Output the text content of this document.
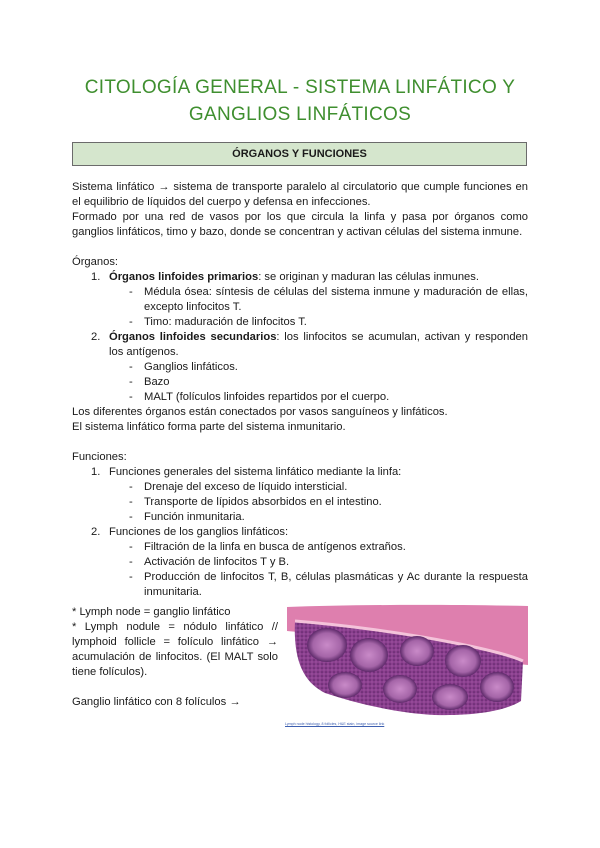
CITOLOGÍA GENERAL - SISTEMA LINFÁTICO Y
GANGLIOS LINFÁTICOS
ÓRGANOS Y FUNCIONES

Sistema linfático → sistema de transporte paralelo al circulatorio que cumple funciones en el equilibrio de líquidos del cuerpo y defensa en infecciones.

Formado por una red de vasos por los que circula la linfa y pasa por órganos como ganglios linfáticos, timo y bazo, donde se concentran y activan células del sistema inmune.

Órganos:

1. Órganos linfoides primarios: se originan y maduran las células inmunes.
- Médula ósea: síntesis de células del sistema inmune y maduración de ellas, excepto linfocitos T.
- Timo: maduración de linfocitos T.
2. Órganos linfoides secundarios: los linfocitos se acumulan, activan y responden los antígenos.
- Ganglios linfáticos.
- Bazo
- MALT (folículos linfoides repartidos por el cuerpo.

Los diferentes órganos están conectados por vasos sanguíneos y linfáticos.

El sistema linfático forma parte del sistema inmunitario.

Funciones:

1. Funciones generales del sistema linfático mediante la linfa:
- Drenaje del exceso de líquido intersticial.
- Transporte de lípidos absorbidos en el intestino.
- Función inmunitaria.
2. Funciones de los ganglios linfáticos:
- Filtración de la linfa en busca de antígenos extraños.
- Activación de linfocitos T y B.
- Producción de linfocitos T, B, células plasmáticas y Ac durante la respuesta inmunitaria.

* Lymph node = ganglio linfático

* Lymph nodule = nódulo linfático // lymphoid follicle = folículo linfático → acumulación de linfocitos. (El MALT solo tiene folículos).

Ganglio linfático con 8 folículos →

Lymph node histology, 8 follicles, H&E stain, image source link
